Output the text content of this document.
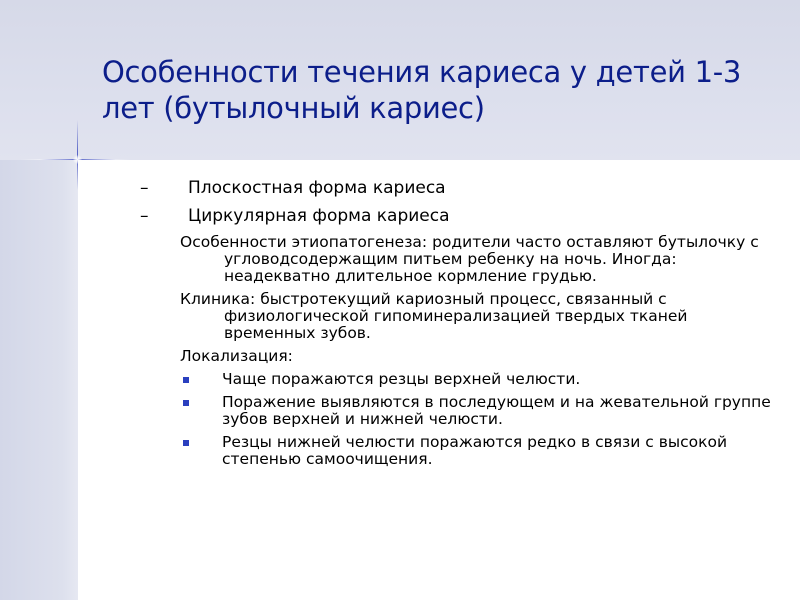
Особенности течения кариеса у детей 1-3 лет (бутылочный кариес)
– Плоскостная форма кариеса
– Циркулярная форма кариеса
Особенности этиопатогенеза: родители часто оставляют бутылочку с угловодсодержащим питьем ребенку на ночь. Иногда: неадекватно длительное кормление грудью.
Клиника: быстротекущий кариозный процесс, связанный с физиологической гипоминерализацией твердых тканей временных зубов.
Локализация:
Чаще поражаются резцы верхней челюсти.
Поражение выявляются в последующем и на жевательной группе зубов верхней и нижней челюсти.
Резцы нижней челюсти поражаются редко в связи с высокой степенью самоочищения.
